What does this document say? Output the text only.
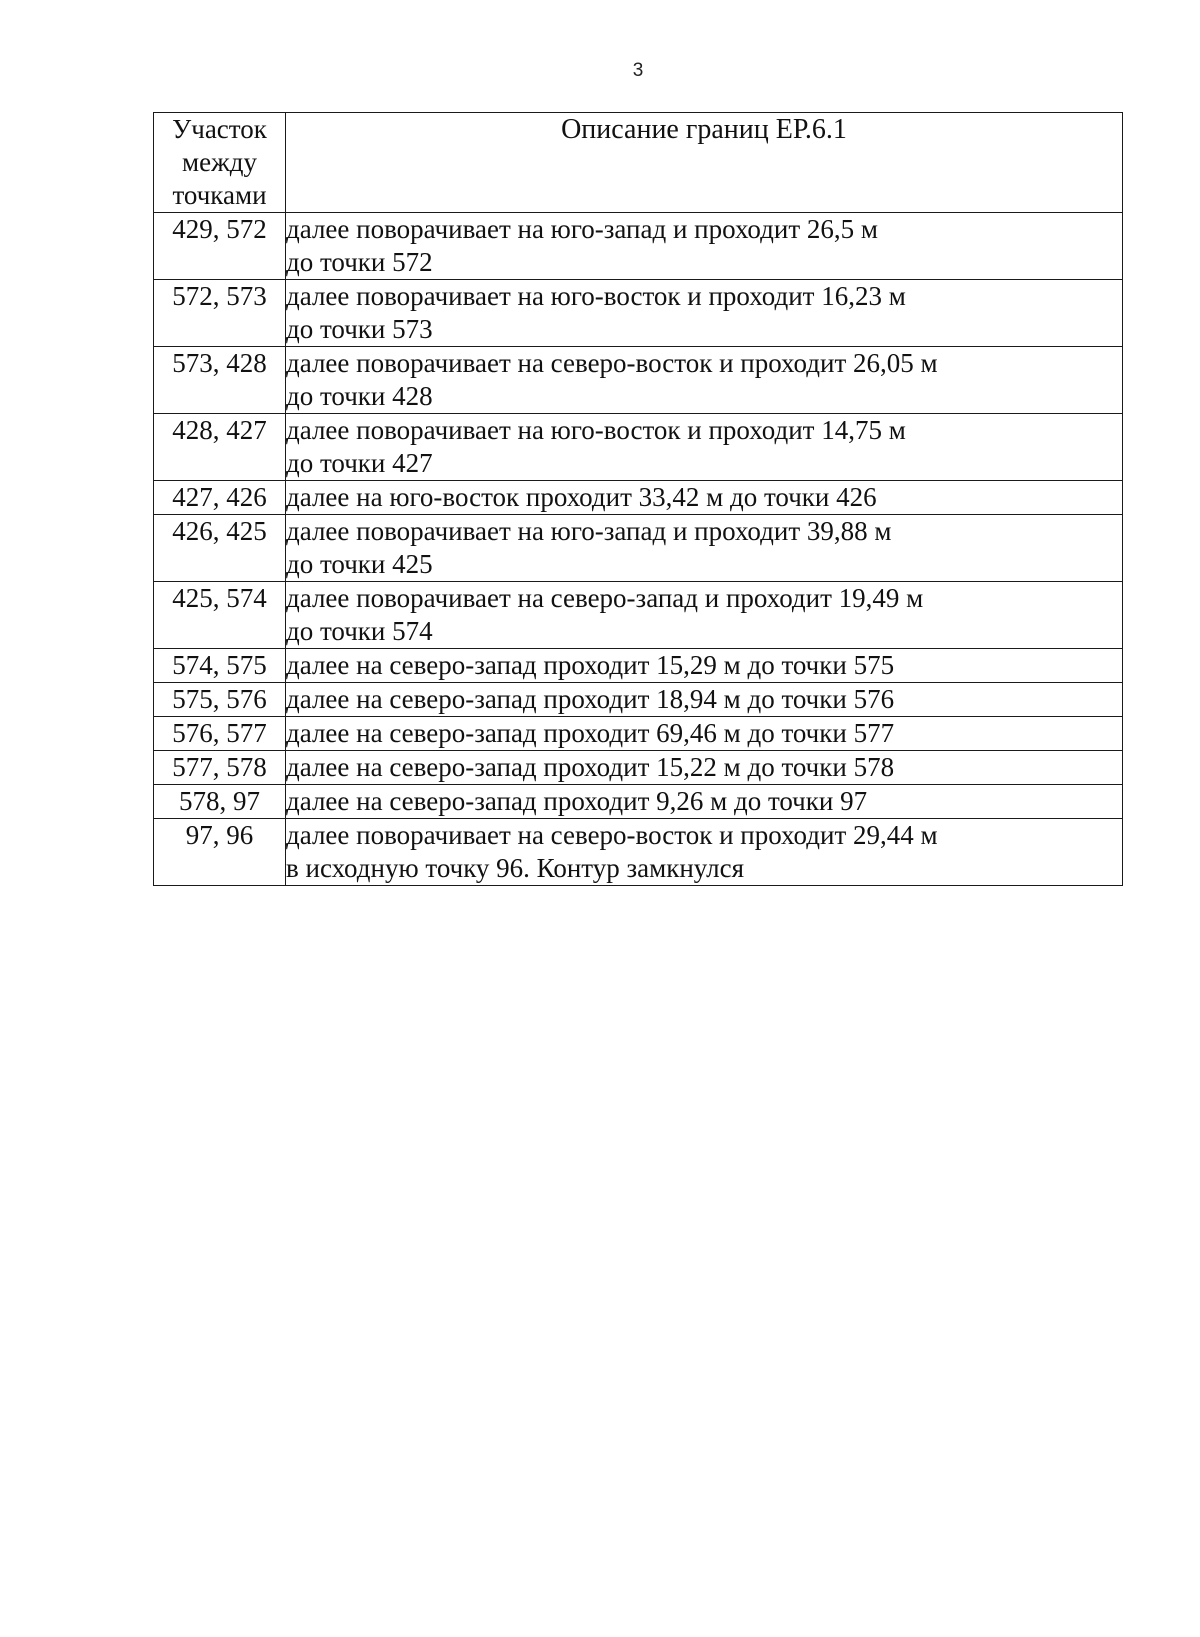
3
Участок
между
точками	Описание границ ЕР.6.1
429, 572	далее поворачивает на юго-запад и проходит 26,5 м
до точки 572

572, 573	далее поворачивает на юго-восток и проходит 16,23 м
до точки 573

573, 428	далее поворачивает на северо-восток и проходит 26,05 м
до точки 428

428, 427	далее поворачивает на юго-восток и проходит 14,75 м
до точки 427

427, 426	далее на юго-восток проходит 33,42 м до точки 426

426, 425	далее поворачивает на юго-запад и проходит 39,88 м
до точки 425

425, 574	далее поворачивает на северо-запад и проходит 19,49 м
до точки 574

574, 575	далее на северо-запад проходит 15,29 м до точки 575

575, 576	далее на северо-запад проходит 18,94 м до точки 576

576, 577	далее на северо-запад проходит 69,46 м до точки 577

577, 578	далее на северо-запад проходит 15,22 м до точки 578

578, 97	далее на северо-запад проходит 9,26 м до точки 97

97, 96	далее поворачивает на северо-восток и проходит 29,44 м
в исходную точку 96. Контур замкнулся
